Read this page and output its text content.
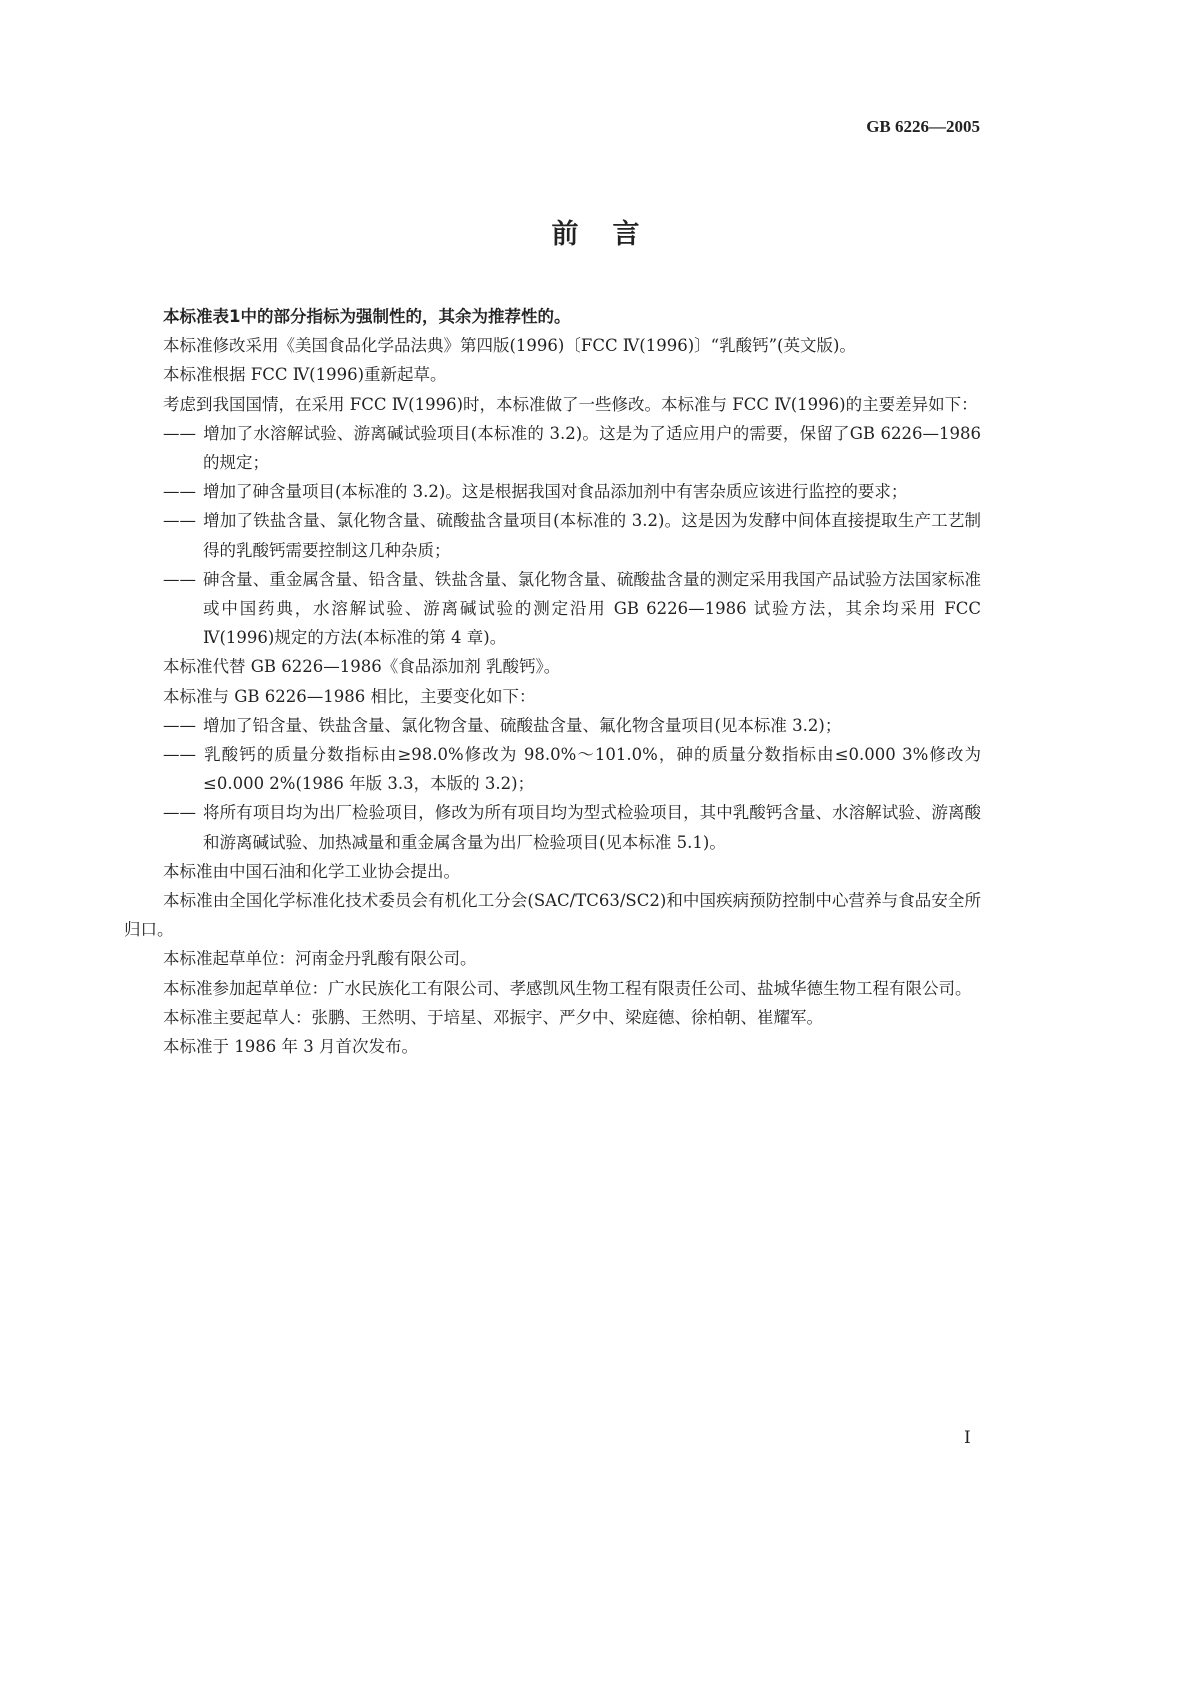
GB 6226—2005
前言

本标准表1中的部分指标为强制性的，其余为推荐性的。

本标准修改采用《美国食品化学品法典》第四版(1996)〔FCC Ⅳ(1996)〕“乳酸钙”(英文版)。

本标准根据 FCC Ⅳ(1996)重新起草。

考虑到我国国情，在采用 FCC Ⅳ(1996)时，本标准做了一些修改。本标准与 FCC Ⅳ(1996)的主要差异如下：

—— 增加了水溶解试验、游离碱试验项目(本标准的 3.2)。这是为了适应用户的需要，保留了GB 6226—1986的规定；

—— 增加了砷含量项目(本标准的 3.2)。这是根据我国对食品添加剂中有害杂质应该进行监控的要求；

—— 增加了铁盐含量、氯化物含量、硫酸盐含量项目(本标准的 3.2)。这是因为发酵中间体直接提取生产工艺制得的乳酸钙需要控制这几种杂质；

—— 砷含量、重金属含量、铅含量、铁盐含量、氯化物含量、硫酸盐含量的测定采用我国产品试验方法国家标准或中国药典，水溶解试验、游离碱试验的测定沿用 GB 6226—1986 试验方法，其余均采用 FCC Ⅳ(1996)规定的方法(本标准的第 4 章)。

本标准代替 GB 6226—1986《食品添加剂 乳酸钙》。

本标准与 GB 6226—1986 相比，主要变化如下：

—— 增加了铅含量、铁盐含量、氯化物含量、硫酸盐含量、氟化物含量项目(见本标准 3.2)；

—— 乳酸钙的质量分数指标由≥98.0%修改为 98.0%～101.0%，砷的质量分数指标由≤0.000 3%修改为≤0.000 2%(1986 年版 3.3，本版的 3.2)；

—— 将所有项目均为出厂检验项目，修改为所有项目均为型式检验项目，其中乳酸钙含量、水溶解试验、游离酸和游离碱试验、加热减量和重金属含量为出厂检验项目(见本标准 5.1)。

本标准由中国石油和化学工业协会提出。

本标准由全国化学标准化技术委员会有机化工分会(SAC/TC63/SC2)和中国疾病预防控制中心营养与食品安全所归口。

本标准起草单位：河南金丹乳酸有限公司。

本标准参加起草单位：广水民族化工有限公司、孝感凯风生物工程有限责任公司、盐城华德生物工程有限公司。

本标准主要起草人：张鹏、王然明、于培星、邓振宇、严夕中、梁庭德、徐柏朝、崔耀军。

本标准于 1986 年 3 月首次发布。

I
